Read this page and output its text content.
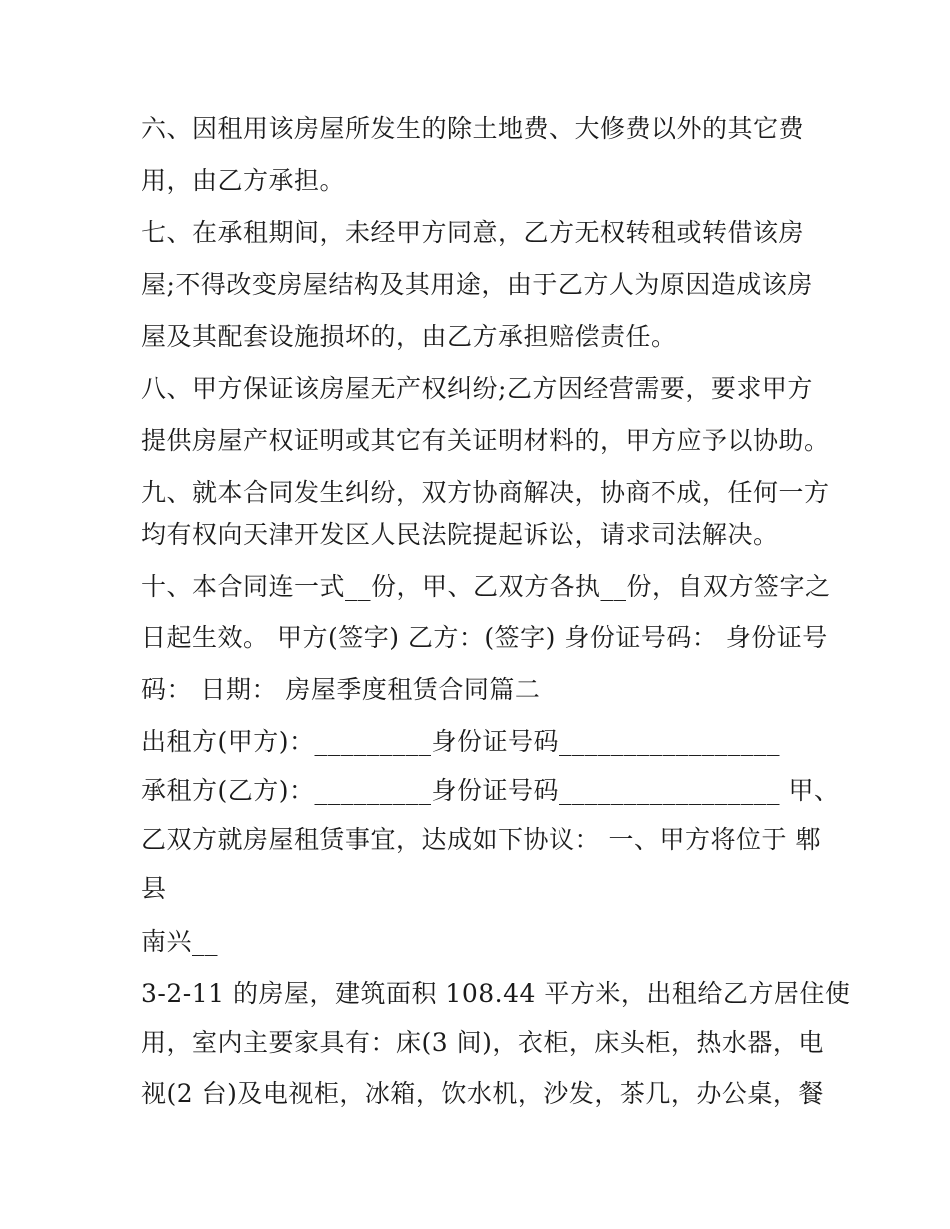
六、因租用该房屋所发生的除土地费、大修费以外的其它费
用，由乙方承担。
七、在承租期间，未经甲方同意，乙方无权转租或转借该房
屋;不得改变房屋结构及其用途，由于乙方人为原因造成该房
屋及其配套设施损坏的，由乙方承担赔偿责任。
八、甲方保证该房屋无产权纠纷;乙方因经营需要，要求甲方
提供房屋产权证明或其它有关证明材料的，甲方应予以协助。
九、就本合同发生纠纷，双方协商解决，协商不成，任何一方
均有权向天津开发区人民法院提起诉讼，请求司法解决。
十、本合同连一式__份，甲、乙双方各执__份，自双方签字之
日起生效。 甲方(签字) 乙方：(签字) 身份证号码： 身份证号
码： 日期： 房屋季度租赁合同篇二
出租方(甲方)：_________身份证号码_________________
承租方(乙方)：_________身份证号码_________________ 甲、
乙双方就房屋租赁事宜，达成如下协议： 一、甲方将位于 郫
县
南兴__
3-2-11 的房屋，建筑面积 108.44 平方米，出租给乙方居住使
用，室内主要家具有：床(3 间)，衣柜，床头柜，热水器，电
视(2 台)及电视柜，冰箱，饮水机，沙发，茶几，办公桌，餐
